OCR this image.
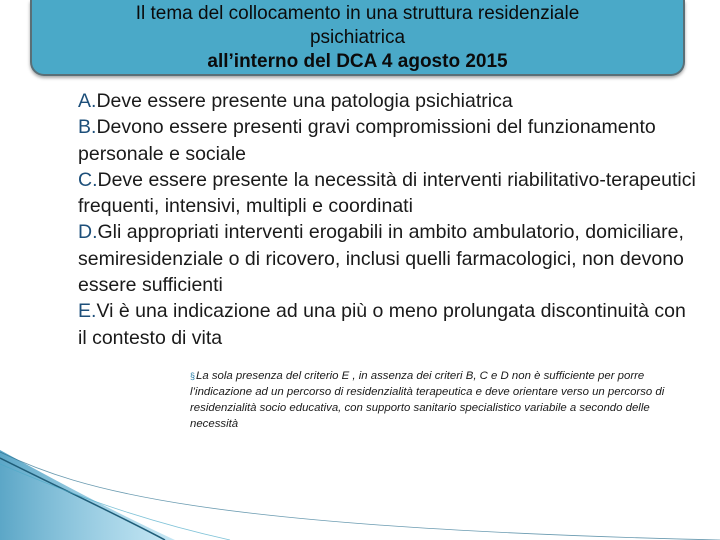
Il tema del collocamento in una struttura residenziale
psichiatrica
all’interno del DCA 4 agosto 2015

A.Deve essere presente una patologia psichiatrica

B.Devono essere presenti gravi compromissioni del funzionamento personale e sociale

C.Deve essere presente la necessità di interventi riabilitativo-terapeutici frequenti, intensivi, multipli e coordinati

D.Gli appropriati interventi erogabili in ambito ambulatorio, domiciliare, semiresidenziale o di ricovero, inclusi quelli farmacologici, non devono essere sufficienti

E.Vi è una indicazione ad una più o meno prolungata discontinuità con il contesto di vita

§La sola presenza del criterio E , in assenza dei criteri B, C e D non è sufficiente per porre l’indicazione ad un percorso di residenzialità terapeutica e deve orientare verso un percorso di residenzialità socio educativa, con supporto sanitario specialistico variabile a secondo delle necessità
